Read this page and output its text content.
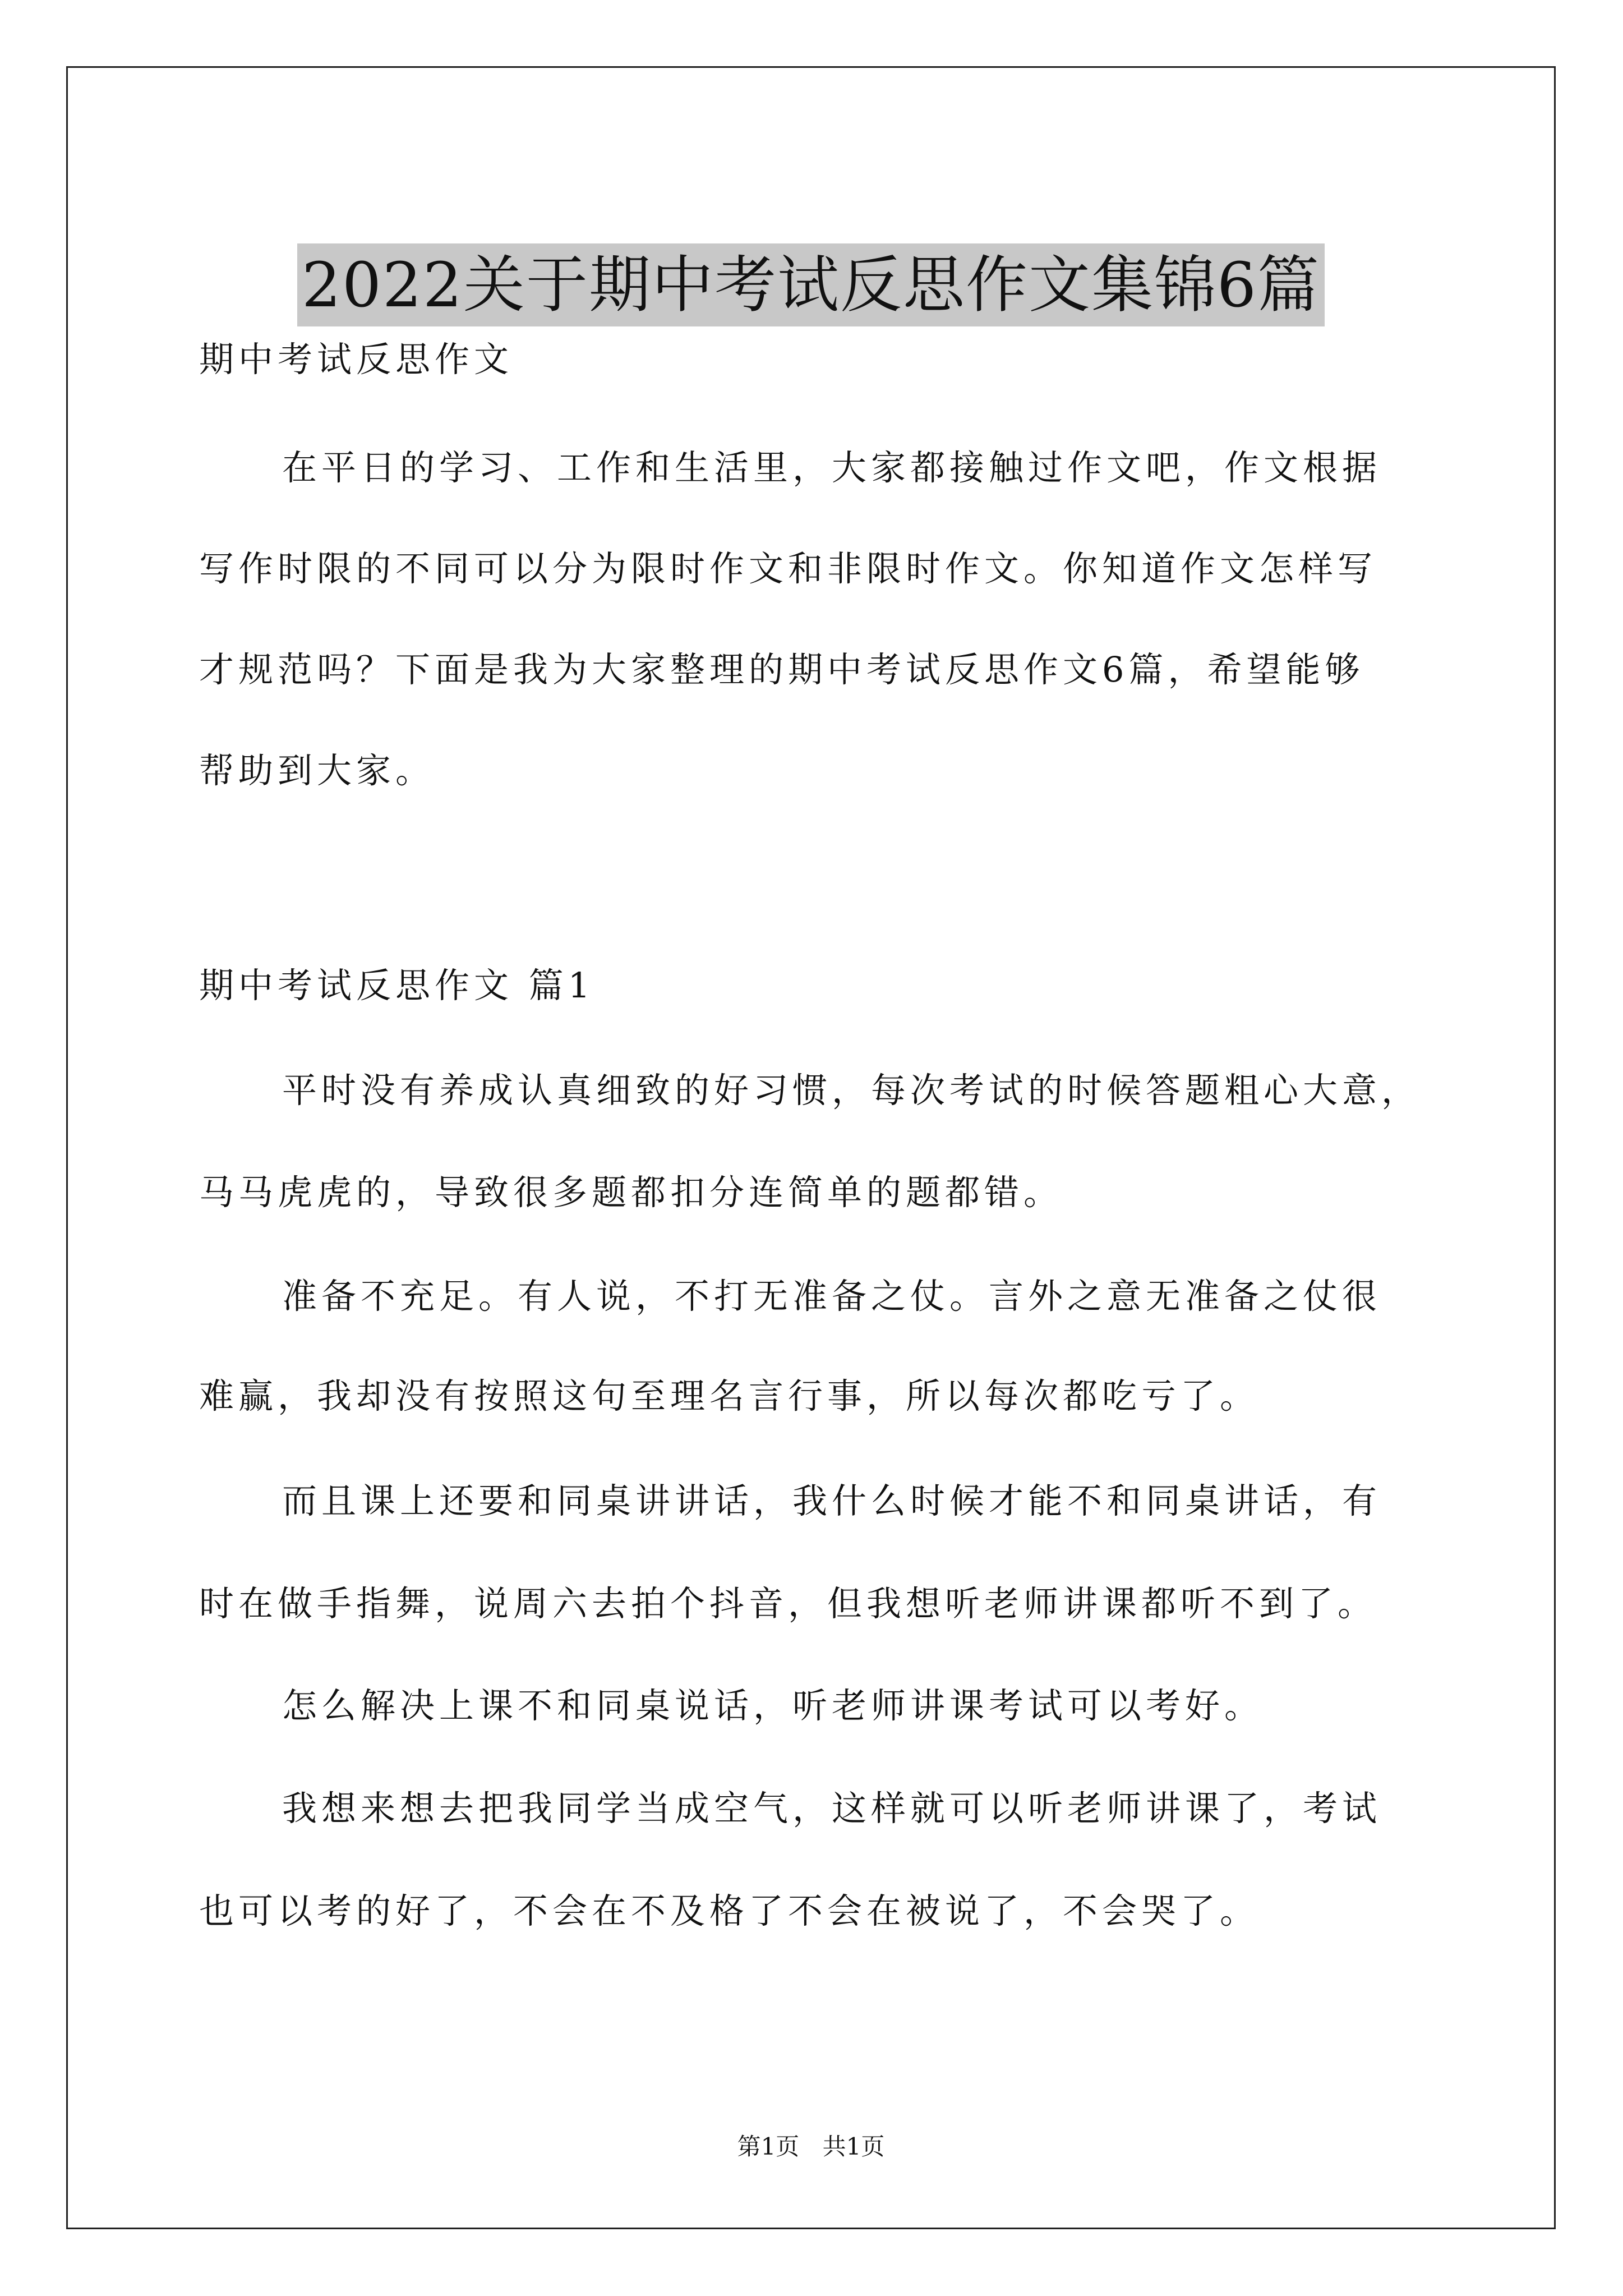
2022关于期中考试反思作文集锦6篇
期中考试反思作文
在平日的学习、工作和生活里，大家都接触过作文吧，作文根据
写作时限的不同可以分为限时作文和非限时作文。你知道作文怎样写
才规范吗？下面是我为大家整理的期中考试反思作文6篇，希望能够
帮助到大家。
期中考试反思作文 篇1
平时没有养成认真细致的好习惯，每次考试的时候答题粗心大意，
马马虎虎的，导致很多题都扣分连简单的题都错。
准备不充足。有人说，不打无准备之仗。言外之意无准备之仗很
难赢，我却没有按照这句至理名言行事，所以每次都吃亏了。
而且课上还要和同桌讲讲话，我什么时候才能不和同桌讲话，有
时在做手指舞，说周六去拍个抖音，但我想听老师讲课都听不到了。
怎么解决上课不和同桌说话，听老师讲课考试可以考好。
我想来想去把我同学当成空气，这样就可以听老师讲课了，考试
也可以考的好了，不会在不及格了不会在被说了，不会哭了。
第1页 共1页
